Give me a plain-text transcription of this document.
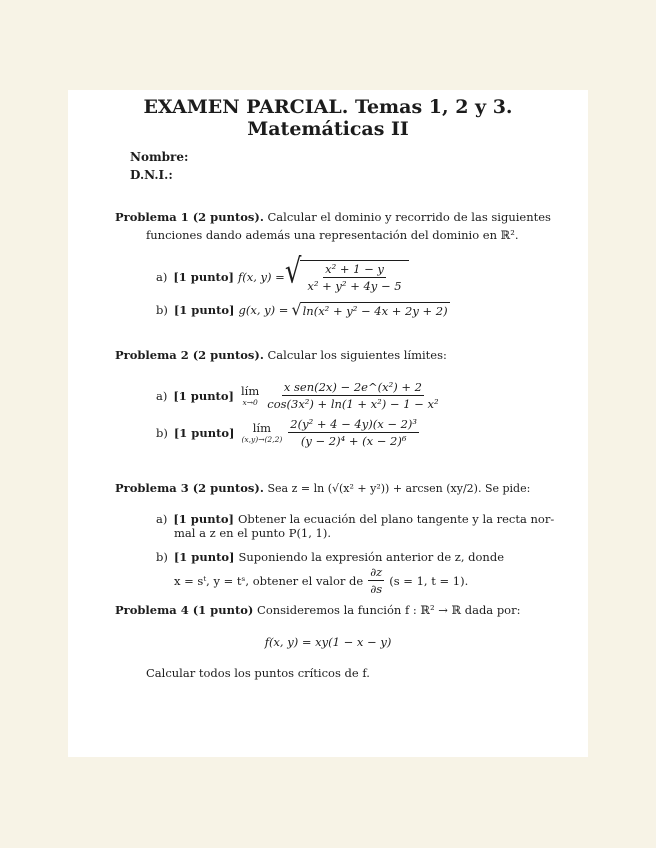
EXAMEN PARCIAL. Temas 1, 2 y 3.
Matemáticas II
Nombre:
D.N.I.:
Problema 1 (2 puntos). Calcular el dominio y recorrido de las siguientes
funciones dando además una representación del dominio en ℝ².
a) [1 punto] f(x, y) = √ $\frac{\text{x² + 1 − y}}{\text{x² + y² + 4y − 5}}$
b) [1 punto] g(x, y) = √ ln(x² + y² − 4x + 2y + 2)
Problema 2 (2 puntos). Calcular los siguientes límites:
a) [1 punto] lím
$x\to 0 \frac{\text{x sen(2x) − 2e\textasciicircum{}(x²) + 2}}{\text{cos(3x²) + ln(1 + x²) − 1 − x²}}$
b) [1 punto] lím
$(x,y)\to(2,2) \frac{\text{2(y² + 4 − 4y)(x − 2)³}}{\text{(y − 2)⁴ + (x − 2)⁶}}$
Problema 3 (2 puntos). Sea z = ln (√(x² + y²)) + arcsen (xy/2). Se pide:
a) [1 punto] Obtener la ecuación del plano tangente y la recta nor-
mal a z en el punto P(1, 1).
b) [1 punto] Suponiendo la expresión anterior de z, donde
x = sᵗ, y = tˢ, obtener el valor de $\frac{\partial z}{\partial s} (s = 1$, t = 1).
Problema 4 (1 punto) Consideremos la función f : ℝ² → ℝ dada por:
f(x, y) = xy(1 − x − y)
Calcular todos los puntos críticos de f.
